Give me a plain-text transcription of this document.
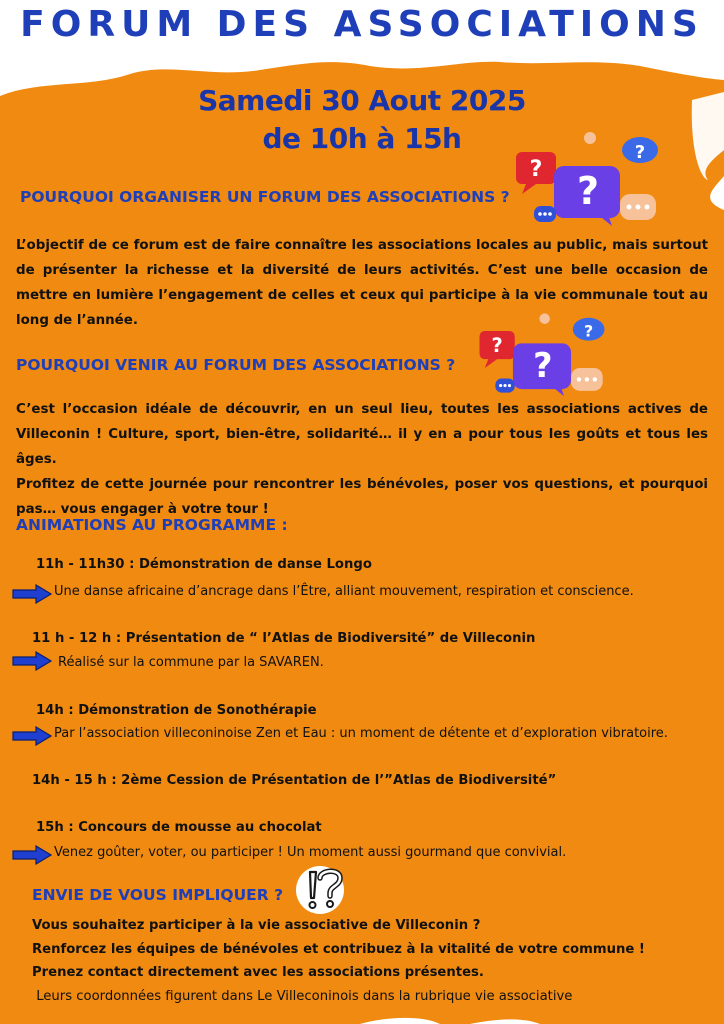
FORUM DES ASSOCIATIONS
Samedi 30 Aout 2025
de 10h à 15h
? ?
?
POURQUOI ORGANISER UN FORUM DES ASSOCIATIONS ?
L’objectif de ce forum est de faire connaître les associations locales au public, mais surtout de présenter la richesse et la diversité de leurs activités. C’est une belle occasion de mettre en lumière l’engagement de celles et ceux qui participe à la vie communale tout au long de l’année.
?
?
?
POURQUOI VENIR AU FORUM DES ASSOCIATIONS ?
C’est l’occasion idéale de découvrir, en un seul lieu, toutes les associations actives de Villeconin ! Culture, sport, bien-être, solidarité… il y en a pour tous les goûts et tous les âges.
Profitez de cette journée pour rencontrer les bénévoles, poser vos questions, et pourquoi pas… vous engager à votre tour !
ANIMATIONS AU PROGRAMME :
11h - 11h30 : Démonstration de danse Longo
Une danse africaine d’ancrage dans l’Être, alliant mouvement, respiration et conscience.
11 h - 12 h : Présentation de “ l’Atlas de Biodiversité” de Villeconin
Réalisé sur la commune par la SAVAREN.
14h : Démonstration de Sonothérapie
Par l’association villeconinoise Zen et Eau : un moment de détente et d’exploration vibratoire.
14h - 15 h : 2ème Cession de Présentation de l’”Atlas de Biodiversité”
15h : Concours de mousse au chocolat
Venez goûter, voter, ou participer ! Un moment aussi gourmand que convivial.
ENVIE DE VOUS IMPLIQUER ?
Vous souhaitez participer à la vie associative de Villeconin ?
Renforcez les équipes de bénévoles et contribuez à la vitalité de votre commune !
Prenez contact directement avec les associations présentes.
Leurs coordonnées figurent dans Le Villeconinois dans la rubrique vie associative
